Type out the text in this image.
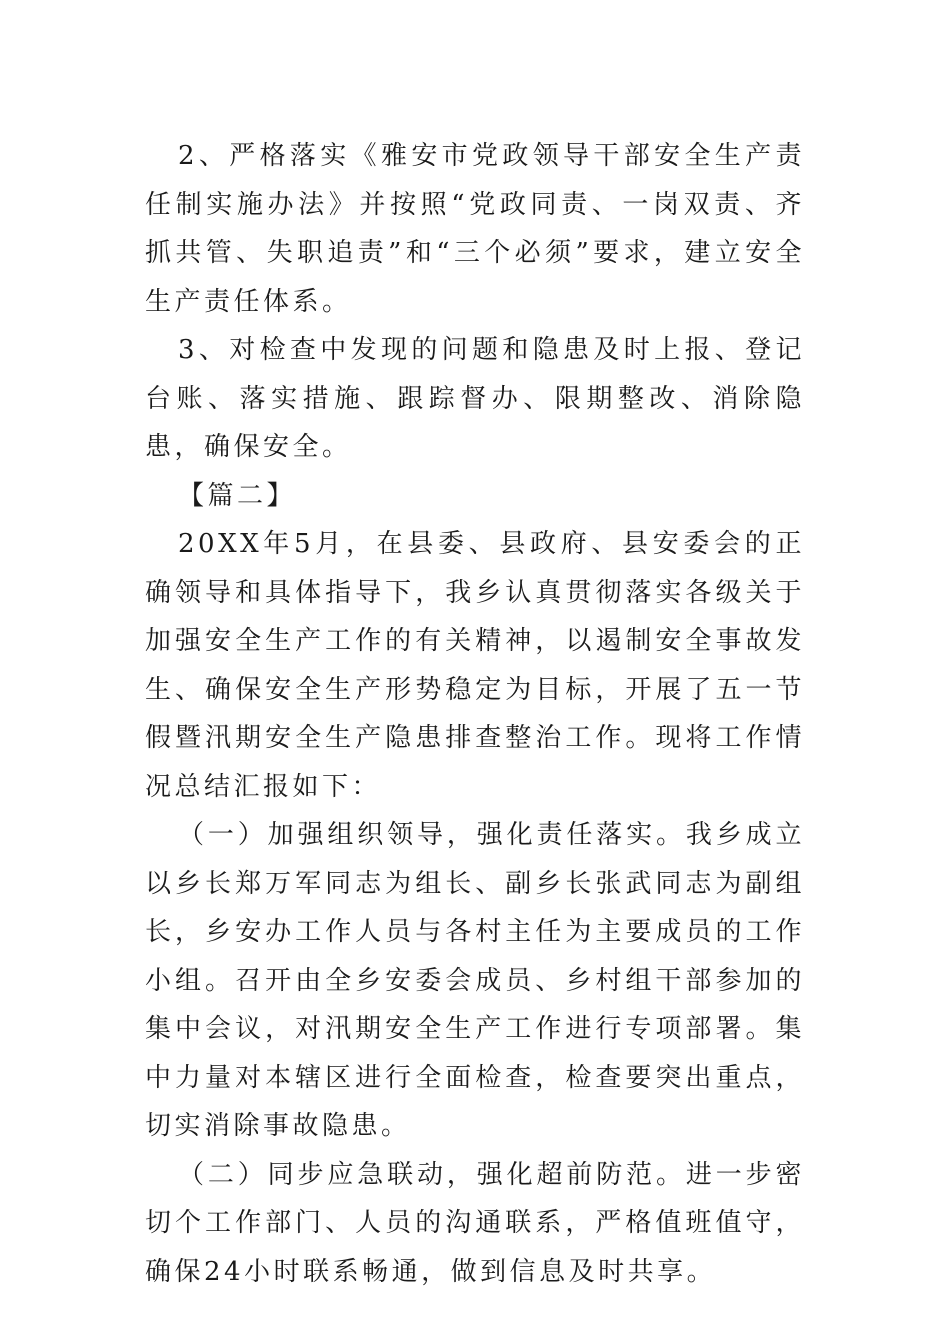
2、严格落实《雅安市党政领导干部安全生产责任制实施办法》并按照“党政同责、一岗双责、齐抓共管、失职追责”和“三个必须”要求，建立安全生产责任体系。

3、对检查中发现的问题和隐患及时上报、登记台账、落实措施、跟踪督办、限期整改、消除隐患，确保安全。

【篇二】

20XX年5月，在县委、县政府、县安委会的正确领导和具体指导下，我乡认真贯彻落实各级关于加强安全生产工作的有关精神，以遏制安全事故发生、确保安全生产形势稳定为目标，开展了五一节假暨汛期安全生产隐患排查整治工作。现将工作情况总结汇报如下：

（一）加强组织领导，强化责任落实。我乡成立以乡长郑万军同志为组长、副乡长张武同志为副组长，乡安办工作人员与各村主任为主要成员的工作小组。召开由全乡安委会成员、乡村组干部参加的集中会议，对汛期安全生产工作进行专项部署。集中力量对本辖区进行全面检查，检查要突出重点，切实消除事故隐患。

（二）同步应急联动，强化超前防范。进一步密切个工作部门、人员的沟通联系，严格值班值守，确保24小时联系畅通，做到信息及时共享。
